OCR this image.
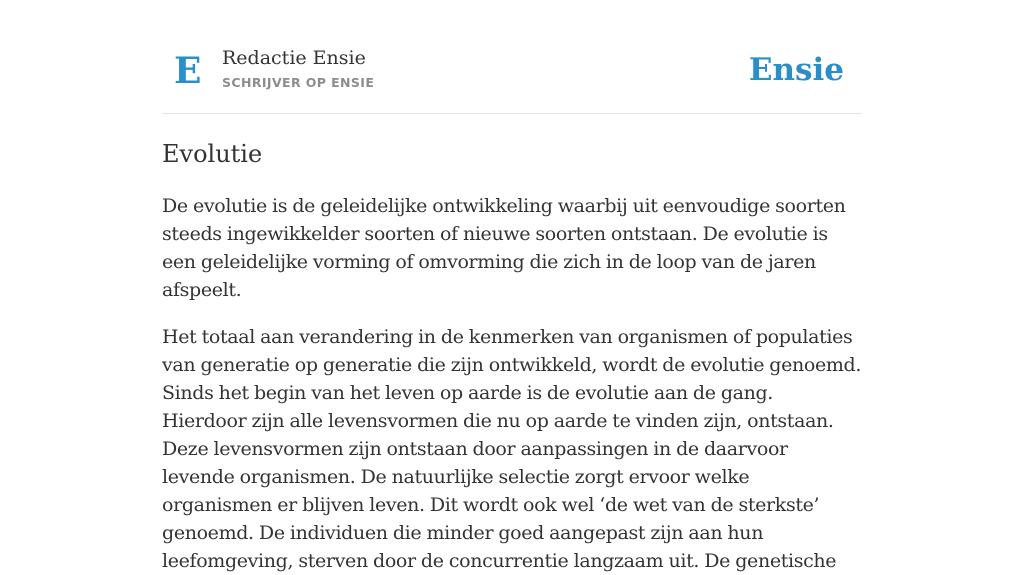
E Redactie Ensie
SCHRIJVER OP ENSIE	Ensie
Evolutie

De evolutie is de geleidelijke ontwikkeling waarbij uit eenvoudige soorten steeds ingewikkelder soorten of nieuwe soorten ontstaan. De evolutie is een geleidelijke vorming of omvorming die zich in de loop van de jaren afspeelt.

Het totaal aan verandering in de kenmerken van organismen of populaties van generatie op generatie die zijn ontwikkeld, wordt de evolutie genoemd. Sinds het begin van het leven op aarde is de evolutie aan de gang. Hierdoor zijn alle levensvormen die nu op aarde te vinden zijn, ontstaan. Deze levensvormen zijn ontstaan door aanpassingen in de daarvoor levende organismen. De natuurlijke selectie zorgt ervoor welke organismen er blijven leven. Dit wordt ook wel ‘de wet van de sterkste’ genoemd. De individuen die minder goed aangepast zijn aan hun leefomgeving, sterven door de concurrentie langzaam uit. De genetische
